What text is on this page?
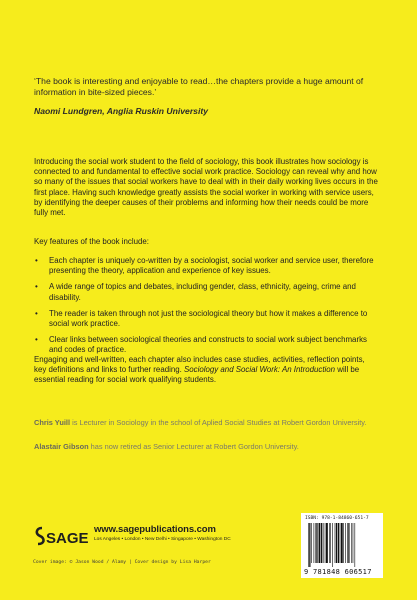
‘The book is interesting and enjoyable to read…the chapters provide a huge amount of information in bite-sized pieces.’
Naomi Lundgren, Anglia Ruskin University
Introducing the social work student to the field of sociology, this book illustrates how sociology is connected to and fundamental to effective social work practice. Sociology can reveal why and how so many of the issues that social workers have to deal with in their daily working lives occurs in the first place. Having such knowledge greatly assists the social worker in working with service users, by identifying the deeper causes of their problems and informing how their needs could be more fully met.
Key features of the book include:
• Each chapter is uniquely co-written by a sociologist, social worker and service user, therefore presenting the theory, application and experience of key issues.
• A wide range of topics and debates, including gender, class, ethnicity, ageing, crime and disability.
• The reader is taken through not just the sociological theory but how it makes a difference to social work practice.
• Clear links between sociological theories and constructs to social work subject benchmarks and codes of practice.
Engaging and well-written, each chapter also includes case studies, activities, reflection points, key definitions and links to further reading. Sociology and Social Work: An Introduction will be essential reading for social work qualifying students.
Chris Yuill is Lecturer in Sociology in the school of Aplied Social Studies at Robert Gordon University.
Alastair Gibson has now retired as Senior Lecturer at Robert Gordon University.
SAGE
www.sagepublications.com
Los Angeles • London • New Delhi • Singapore • Washington DC
Cover image: © Jason Wood / Alamy | Cover design by Lisa Harper
ISBN: 978-1-84860-651-7
9 781848 606517
